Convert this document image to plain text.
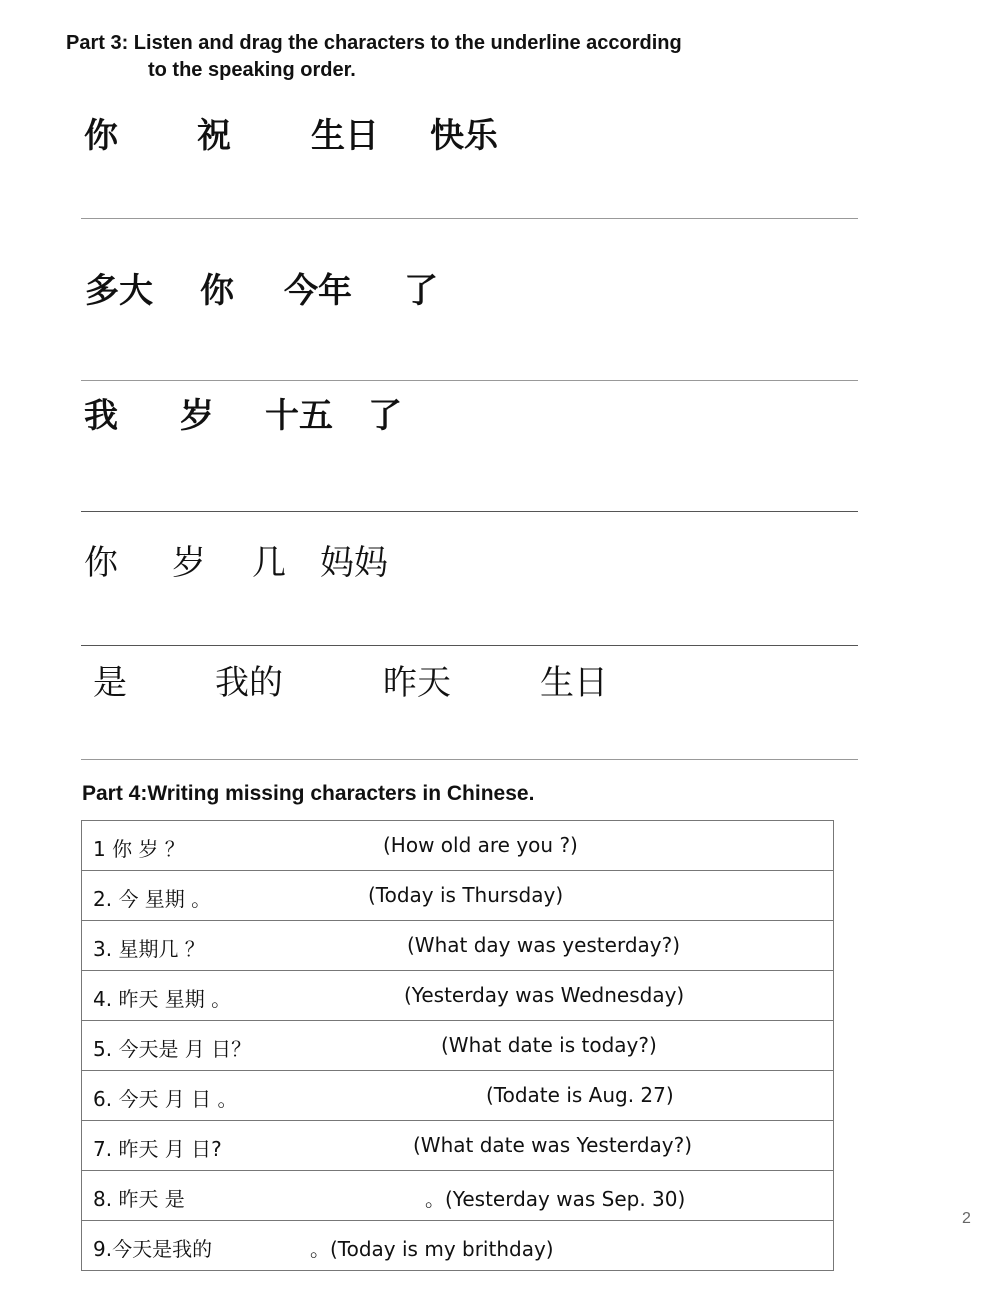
Part 3: Listen and drag the characters to the underline according
to the speaking order.
你 祝 生日 快乐
多大 你 今年 了
我 岁 十五 了
你 岁 几 妈妈
是	我的	昨天	生日
Part 4:Writing missing characters in Chinese.
1 你 岁 ？	(How old are you ?)

2. 今 星期 。	(Today is Thursday)

3. 星期几 ？	(What day was yesterday?)

4. 昨天 星期 。	(Yesterday was Wednesday)

5. 今天是 月 日？	(What date is today?)

6. 今天 月 日 。	(Todate is Aug. 27)

7. 昨天 月 日?	(What date was Yesterday?)

8. 昨天 是	。(Yesterday was Sep. 30)

9.今天是我的	。(Today is my brithday)
2
